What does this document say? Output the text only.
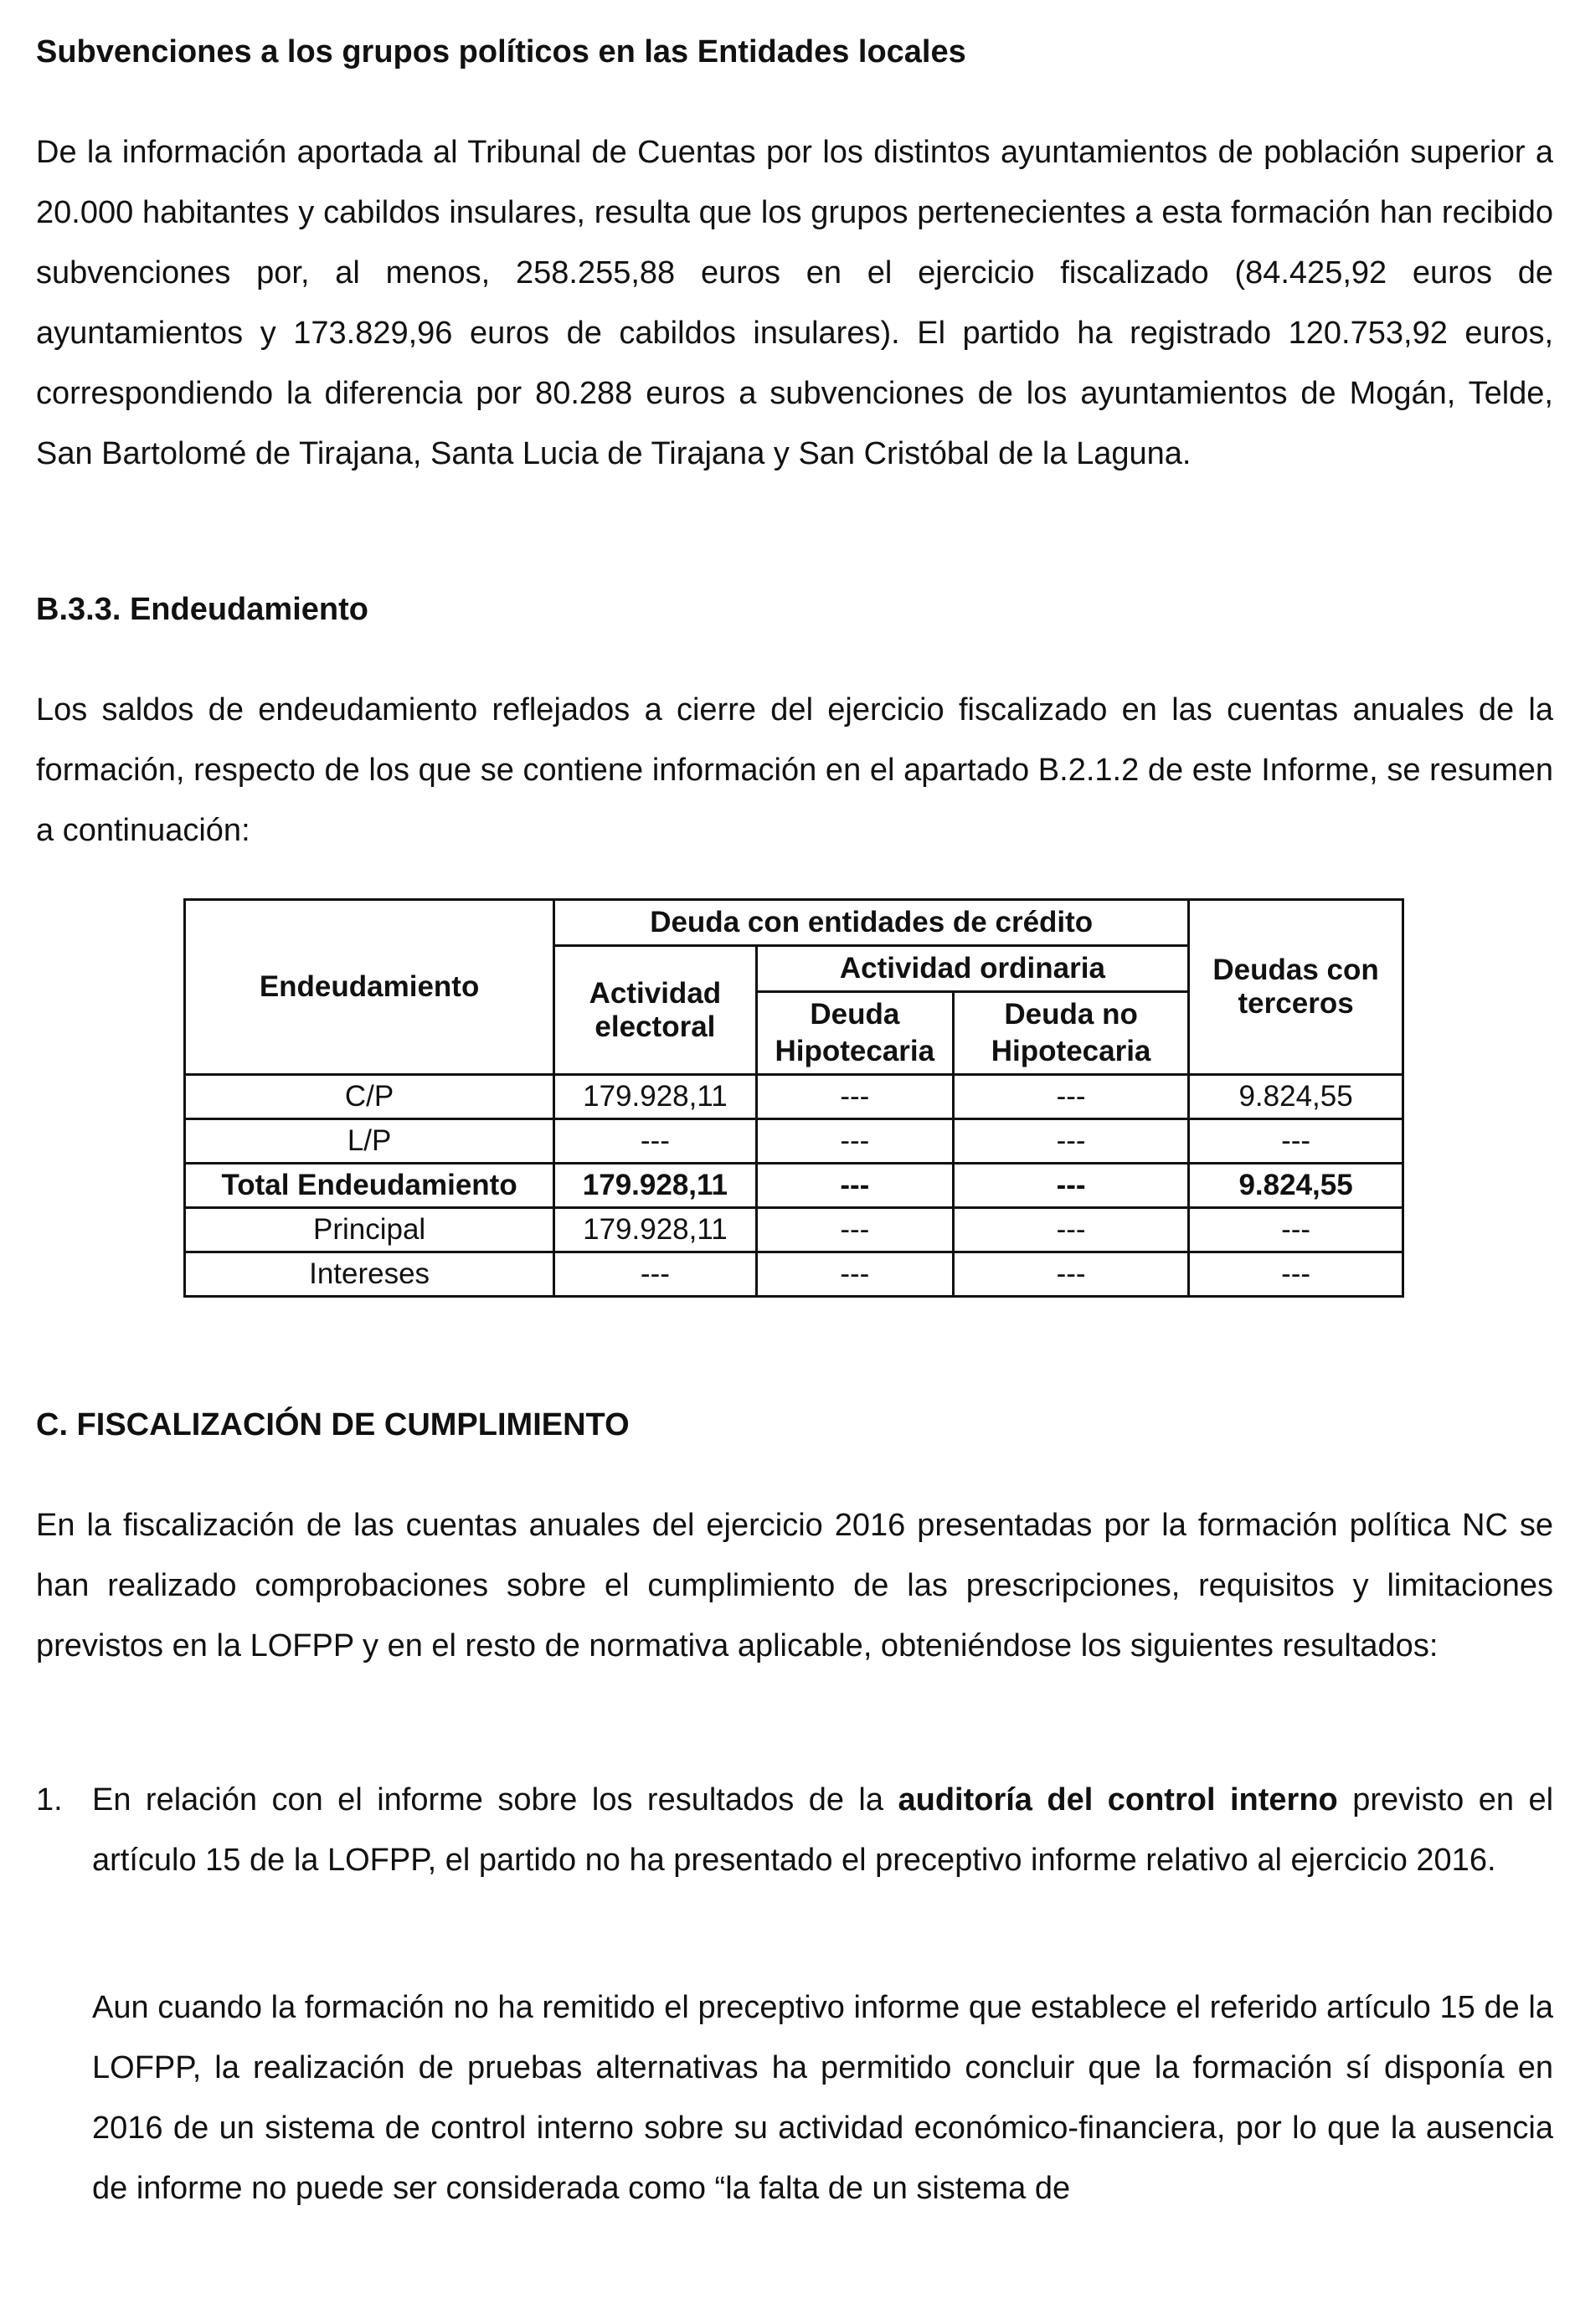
Subvenciones a los grupos políticos en las Entidades locales

De la información aportada al Tribunal de Cuentas por los distintos ayuntamientos de población superior a 20.000 habitantes y cabildos insulares, resulta que los grupos pertenecientes a esta formación han recibido subvenciones por, al menos, 258.255,88 euros en el ejercicio fiscalizado (84.425,92 euros de ayuntamientos y 173.829,96 euros de cabildos insulares). El partido ha registrado 120.753,92 euros, correspondiendo la diferencia por 80.288 euros a subvenciones de los ayuntamientos de Mogán, Telde, San Bartolomé de Tirajana, Santa Lucia de Tirajana y San Cristóbal de la Laguna.

B.3.3. Endeudamiento

Los saldos de endeudamiento reflejados a cierre del ejercicio fiscalizado en las cuentas anuales de la formación, respecto de los que se contiene información en el apartado B.2.1.2 de este Informe, se resumen a continuación:

C. FISCALIZACIÓN DE CUMPLIMIENTO

En la fiscalización de las cuentas anuales del ejercicio 2016 presentadas por la formación política NC se han realizado comprobaciones sobre el cumplimiento de las prescripciones, requisitos y limitaciones previstos en la LOFPP y en el resto de normativa aplicable, obteniéndose los siguientes resultados:

1. En relación con el informe sobre los resultados de la auditoría del control interno previsto en el artículo 15 de la LOFPP, el partido no ha presentado el preceptivo informe relativo al ejercicio 2016.

Aun cuando la formación no ha remitido el preceptivo informe que establece el referido artículo 15 de la LOFPP, la realización de pruebas alternativas ha permitido concluir que la formación sí disponía en 2016 de un sistema de control interno sobre su actividad económico-financiera, por lo que la ausencia de informe no puede ser considerada como “la falta de un sistema de

Endeudamiento	Deuda con entidades de crédito			Deudas con terceros
	Actividad electoral	Actividad ordinaria		
		Deuda Hipotecaria	Deuda no Hipotecaria	
C/P	179.928,11	---	---	9.824,55
L/P	---	---	---	---
Total Endeudamiento	179.928,11	---	---	9.824,55
Principal	179.928,11	---	---	---
Intereses	---	---	---	---
